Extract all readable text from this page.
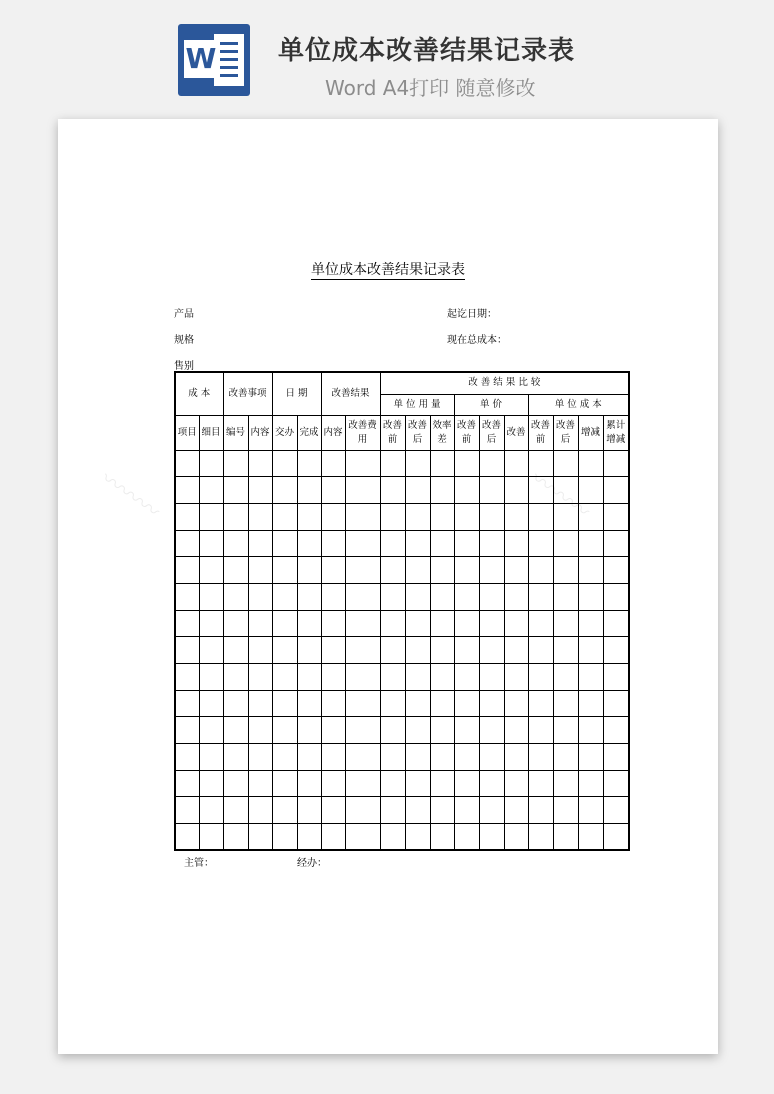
W 单位成本改善结果记录表
Word A4打印 随意修改
〰〰〰	〰〰〰
单位成本改善结果记录表
产品
规格
售别
起讫日期：
现在总成本：
成 本		改善事项		日 期		改善结果		改 善 结 果 比 较									
								单 位 用 量			单 价			单 位 成 本			
项目	细目	编号	内容	交办	完成	内容	改善费用	改善前	改善后	效率差	改善前	改善后	改善	改善前	改善后	增减	累计增减

主管：	经办：
